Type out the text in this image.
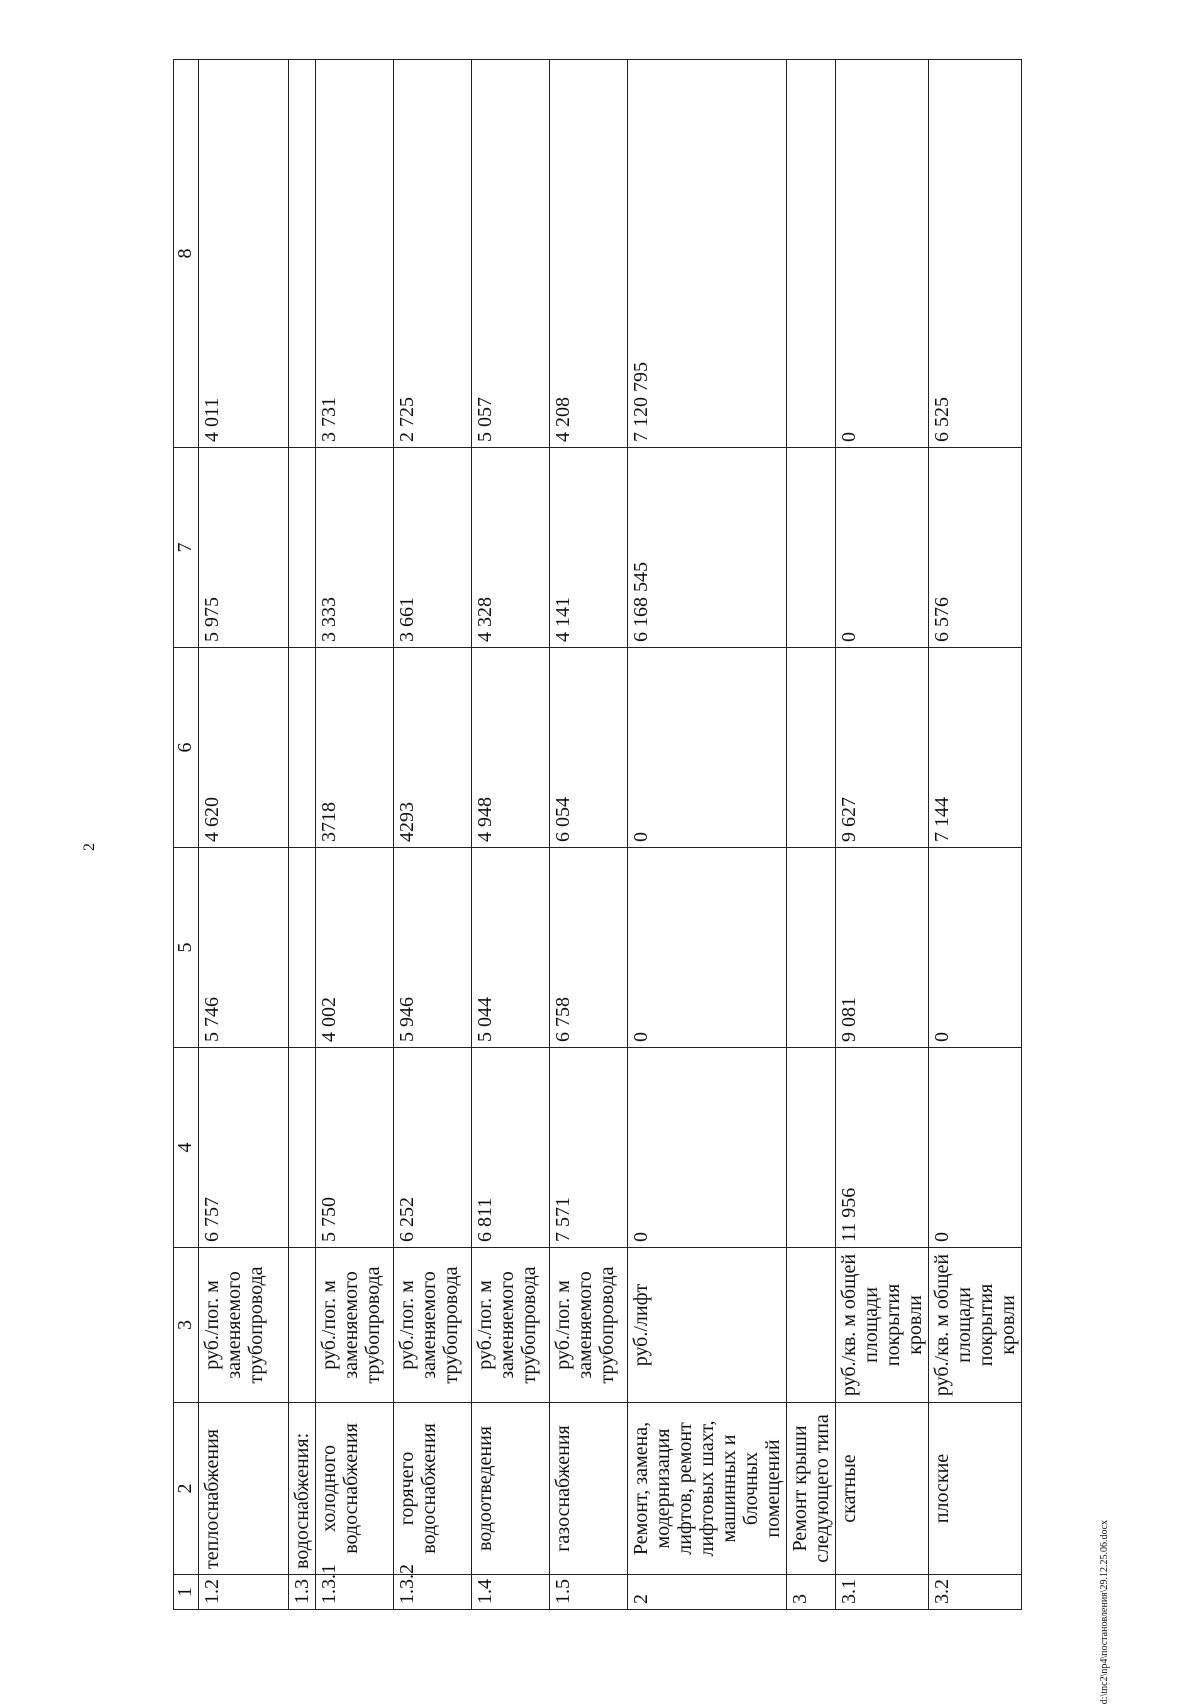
2
1	2	3	4	5	6	7	8
1.2	теплоснабжения	руб./пог. м заменяемого трубопровода	6 757	5 746	4 620	5 975	4 011
1.3	водоснабжения:						
1.3.1	холодного водоснабжения	руб./пог. м заменяемого трубопровода	5 750	4 002	3718	3 333	3 731
1.3.2	горячего водоснабжения	руб./пог. м заменяемого трубопровода	6 252	5 946	4293	3 661	2 725
1.4	водоотведения	руб./пог. м заменяемого трубопровода	6 811	5 044	4 948	4 328	5 057
1.5	газоснабжения	руб./пог. м заменяемого трубопровода	7 571	6 758	6 054	4 141	4 208
2	Ремонт, замена, модернизация лифтов, ремонт лифтовых шахт, машинных и блочных помещений	руб./лифт	0	0	0	6 168 545	7 120 795
3	Ремонт крыши следующего типа						
3.1	скатные	руб./кв. м общей площади покрытия кровли	11 956	9 081	9 627	0	0
3.2	плоские	руб./кв. м общей площади покрытия кровли	0	0	7 144	6 576	6 525
d:\tnc2\np4\постановления\29.12.25.06.docx
